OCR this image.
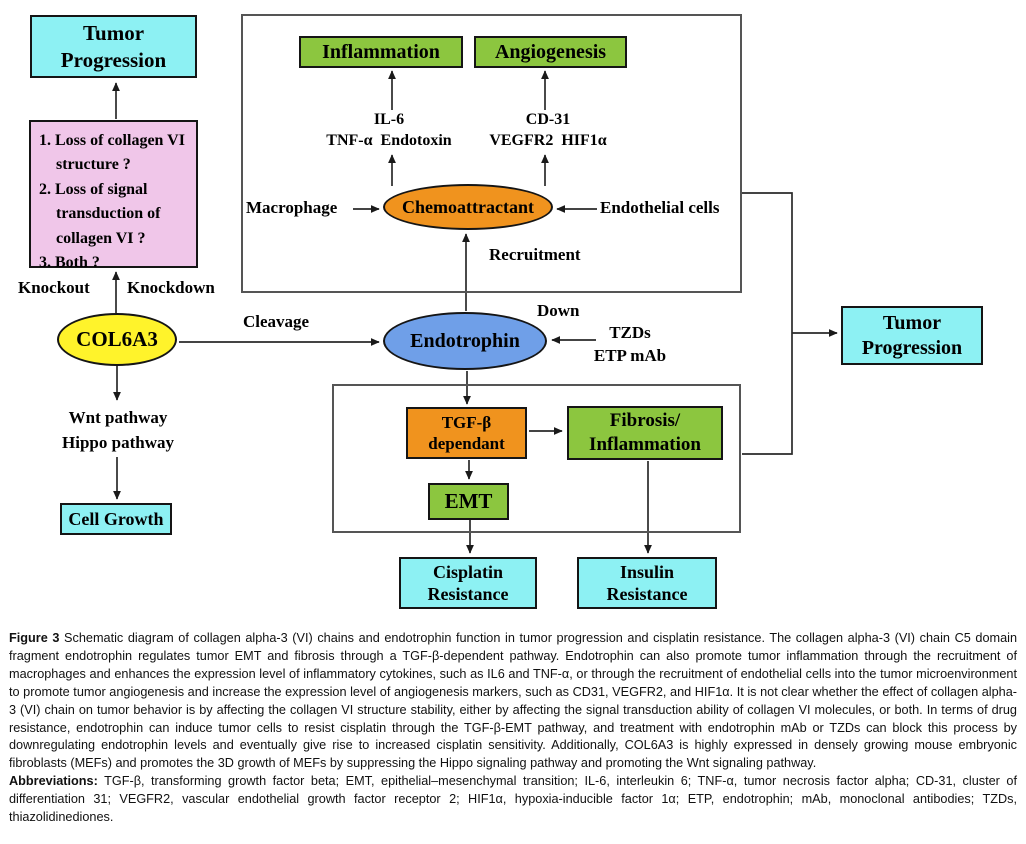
Tumor Progression
1. Loss of collagen VI structure ?
2. Loss of signal transduction of collagen VI ?
3. Both ?
Knockout Knockdown
COL6A3
Cleavage
Wnt pathway
Hippo pathway
Cell Growth
Inflammation	Angiogenesis
IL-6
TNF-α  Endotoxin
CD-31
VEGFR2  HIF1α
Macrophage	Endothelial cells
Chemoattractant
Recruitment
Endotrophin
Down
TZDs
ETP mAb
TGF-β dependant
Fibrosis/ Inflammation
EMT
Cisplatin Resistance
Insulin Resistance
Tumor Progression

Figure 3 Schematic diagram of collagen alpha-3 (VI) chains and endotrophin function in tumor progression and cisplatin resistance. The collagen alpha-3 (VI) chain C5 domain fragment endotrophin regulates tumor EMT and fibrosis through a TGF-β-dependent pathway. Endotrophin can also promote tumor inflammation through the recruitment of macrophages and enhances the expression level of inflammatory cytokines, such as IL6 and TNF-α, or through the recruitment of endothelial cells into the tumor microenvironment to promote tumor angiogenesis and increase the expression level of angiogenesis markers, such as CD31, VEGFR2, and HIF1α. It is not clear whether the effect of collagen alpha-3 (VI) chain on tumor behavior is by affecting the collagen VI structure stability, either by affecting the signal transduction ability of collagen VI molecules, or both. In terms of drug resistance, endotrophin can induce tumor cells to resist cisplatin through the TGF-β-EMT pathway, and treatment with endotrophin mAb or TZDs can block this process by downregulating endotrophin levels and eventually give rise to increased cisplatin sensitivity. Additionally, COL6A3 is highly expressed in densely growing mouse embryonic fibroblasts (MEFs) and promotes the 3D growth of MEFs by suppressing the Hippo signaling pathway and promoting the Wnt signaling pathway.

Abbreviations: TGF-β, transforming growth factor beta; EMT, epithelial–mesenchymal transition; IL-6, interleukin 6; TNF-α, tumor necrosis factor alpha; CD-31, cluster of differentiation 31; VEGFR2, vascular endothelial growth factor receptor 2; HIF1α, hypoxia-inducible factor 1α; ETP, endotrophin; mAb, monoclonal antibodies; TZDs, thiazolidinediones.
